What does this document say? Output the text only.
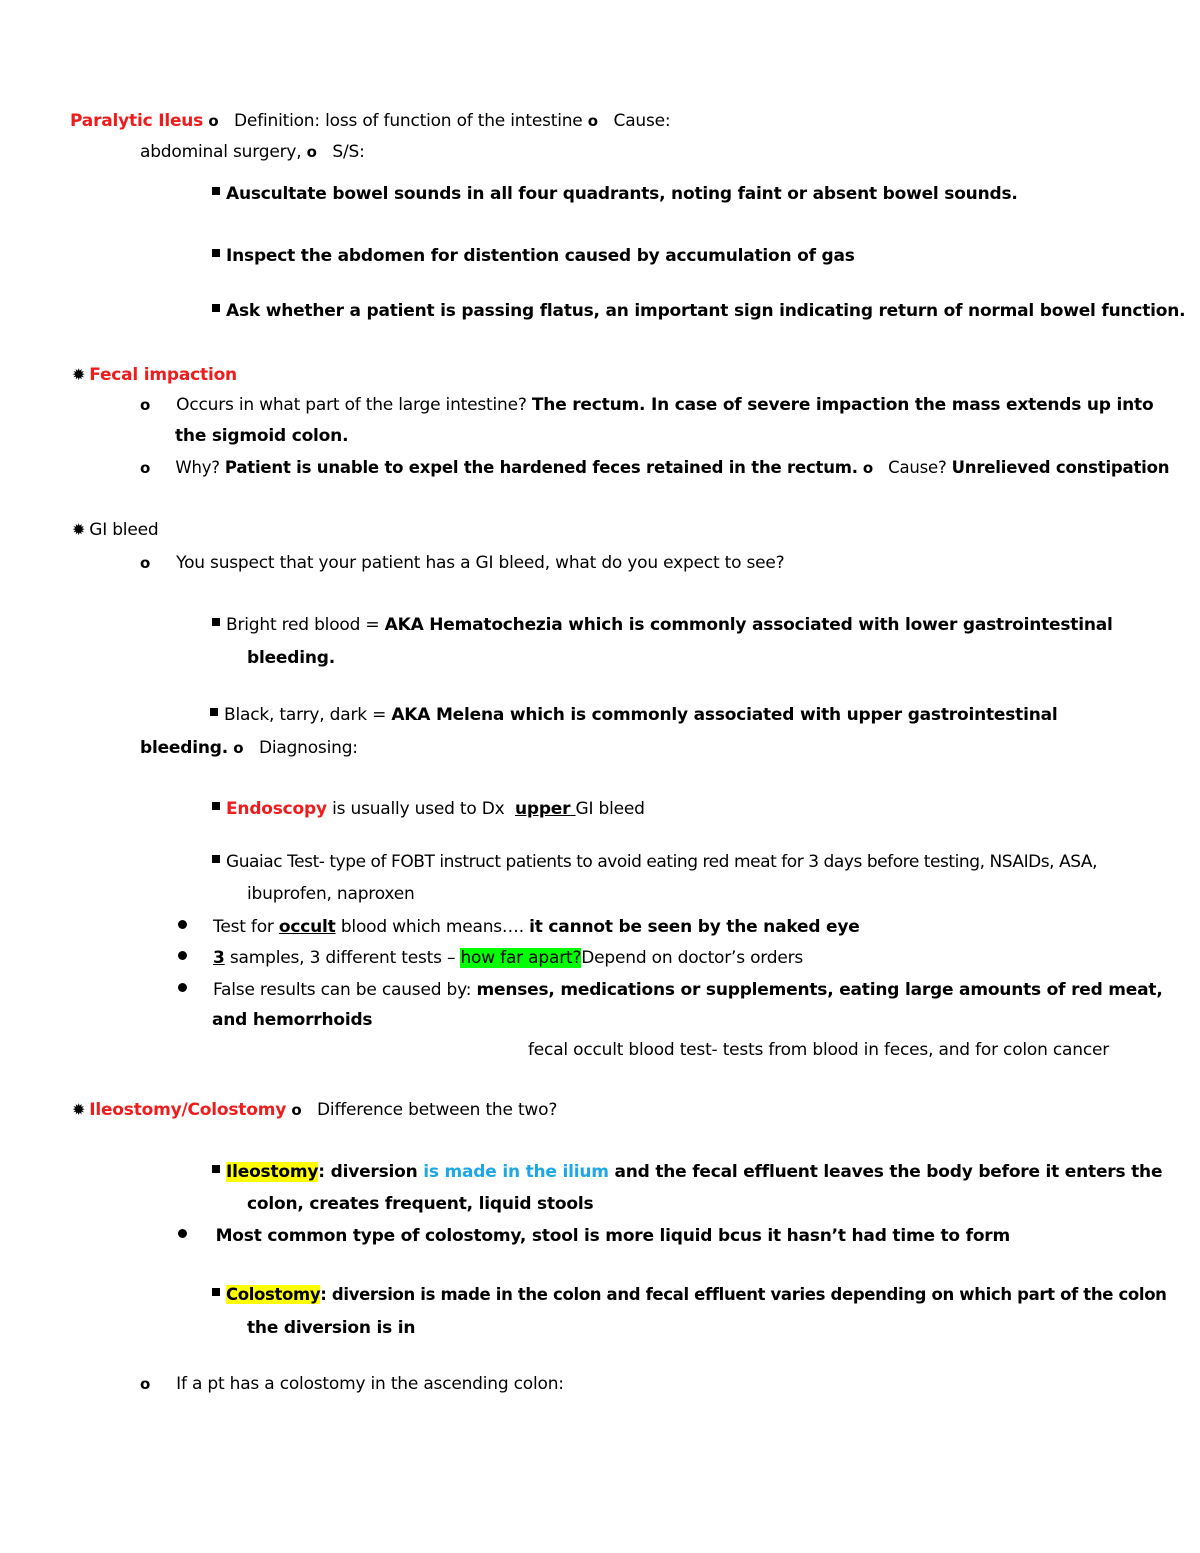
Paralytic Ileus o Definition: loss of function of the intestine o Cause:
abdominal surgery, o S/S:
Auscultate bowel sounds in all four quadrants, noting faint or absent bowel sounds.
Inspect the abdomen for distention caused by accumulation of gas
Ask whether a patient is passing flatus, an important sign indicating return of normal bowel function.
✹ Fecal impaction
o Occurs in what part of the large intestine? The rectum. In case of severe impaction the mass extends up into
the sigmoid colon.
o Why? Patient is unable to expel the hardened feces retained in the rectum. o Cause? Unrelieved constipation
✹ GI bleed
o You suspect that your patient has a GI bleed, what do you expect to see?
Bright red blood = AKA Hematochezia which is commonly associated with lower gastrointestinal
bleeding.
Black, tarry, dark = AKA Melena which is commonly associated with upper gastrointestinal
bleeding. o Diagnosing:
Endoscopy is usually used to Dx upper GI bleed
Guaiac Test- type of FOBT instruct patients to avoid eating red meat for 3 days before testing, NSAIDs, ASA,
ibuprofen, naproxen
Test for occult blood which means…. it cannot be seen by the naked eye
3 samples, 3 different tests – how far apart?Depend on doctor’s orders
False results can be caused by: menses, medications or supplements, eating large amounts of red meat,
and hemorrhoids
fecal occult blood test- tests from blood in feces, and for colon cancer
✹ Ileostomy/Colostomy o Difference between the two?
Ileostomy: diversion is made in the ilium and the fecal effluent leaves the body before it enters the
colon, creates frequent, liquid stools
Most common type of colostomy, stool is more liquid bcus it hasn’t had time to form
Colostomy: diversion is made in the colon and fecal effluent varies depending on which part of the colon
the diversion is in
o If a pt has a colostomy in the ascending colon:
